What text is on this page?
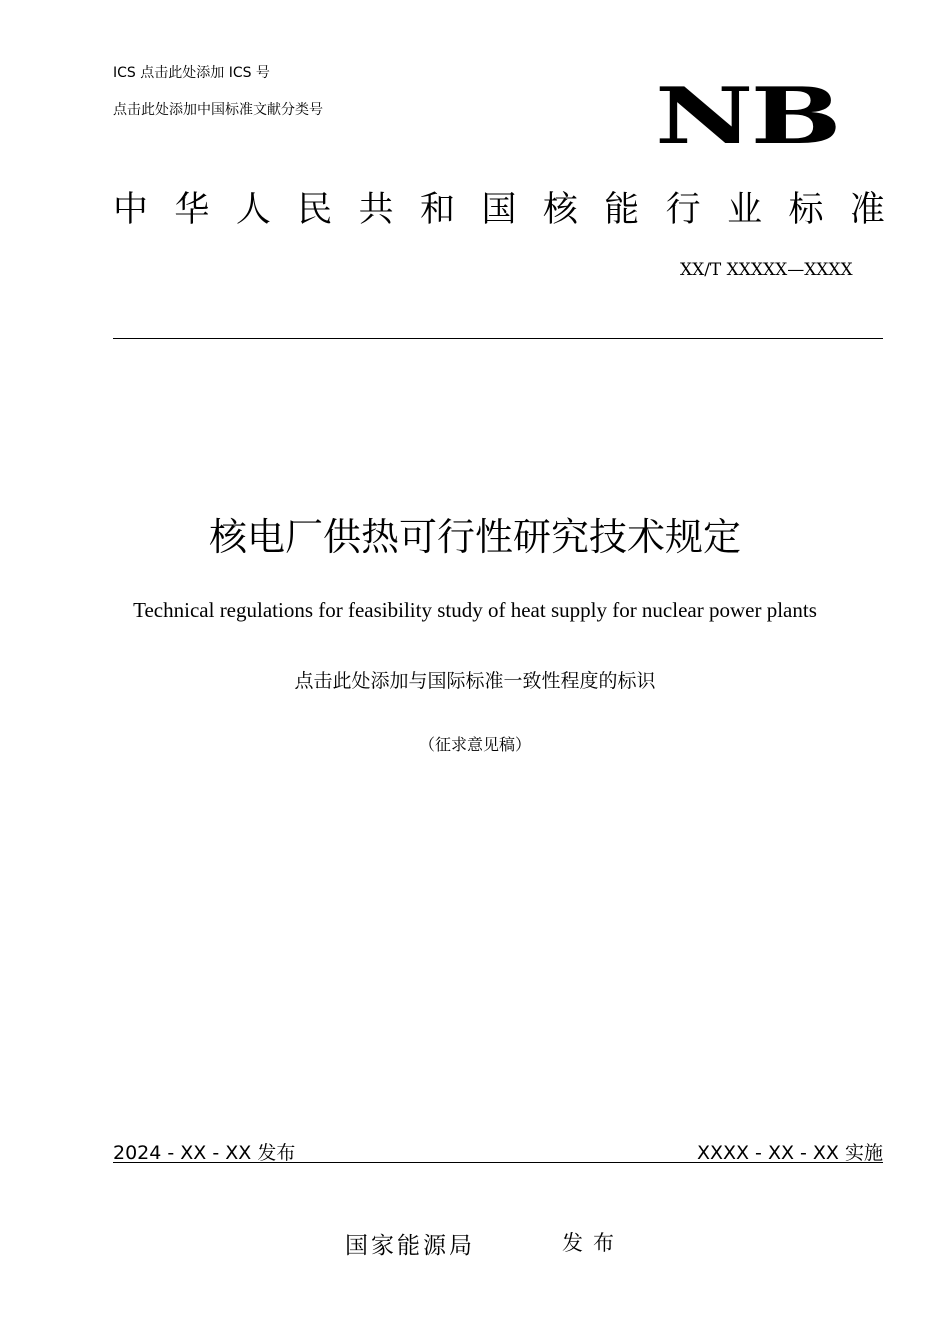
ICS 点击此处添加 ICS 号
点击此处添加中国标准文献分类号	NB
中 华 人 民 共 和 国 核 能 行 业 标 准
XX/T XXXXX—XXXX
核电厂供热可行性研究技术规定
Technical regulations for feasibility study of heat supply for nuclear power plants
点击此处添加与国际标准一致性程度的标识
（征求意见稿）
2024 - XX - XX 发布	XXXX - XX - XX 实施
国家能源局	发布
